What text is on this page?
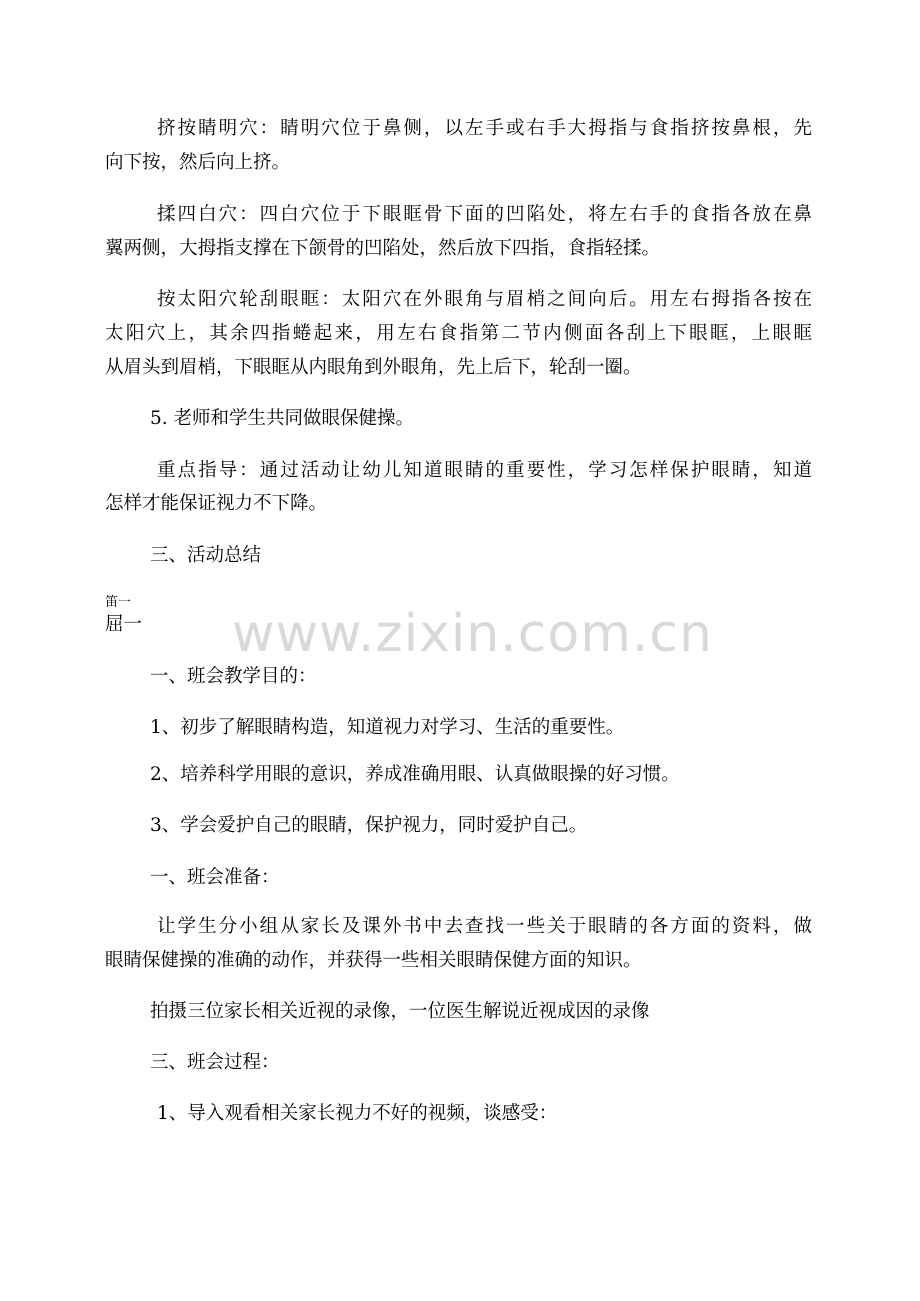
www.zixin.com.cn
挤按睛明穴：睛明穴位于鼻侧，以左手或右手大拇指与食指挤按鼻根，先
向下按，然后向上挤。
揉四白穴：四白穴位于下眼眶骨下面的凹陷处，将左右手的食指各放在鼻
翼两侧，大拇指支撑在下颌骨的凹陷处，然后放下四指，食指轻揉。
按太阳穴轮刮眼眶：太阳穴在外眼角与眉梢之间向后。用左右拇指各按在
太阳穴上，其余四指蜷起来，用左右食指第二节内侧面各刮上下眼眶，上眼眶
从眉头到眉梢，下眼眶从内眼角到外眼角，先上后下，轮刮一圈。
5. 老师和学生共同做眼保健操。
重点指导：通过活动让幼儿知道眼睛的重要性，学习怎样保护眼睛，知道
怎样才能保证视力不下降。
三、活动总结
笛一
屈一
一、班会教学目的：
1、初步了解眼睛构造，知道视力对学习、生活的重要性。
2、培养科学用眼的意识，养成准确用眼、认真做眼操的好习惯。
3、学会爱护自己的眼睛，保护视力，同时爱护自己。
一、班会准备：
让学生分小组从家长及课外书中去查找一些关于眼睛的各方面的资料，做
眼睛保健操的准确的动作，并获得一些相关眼睛保健方面的知识。
拍摄三位家长相关近视的录像，一位医生解说近视成因的录像
三、班会过程：
1、导入观看相关家长视力不好的视频，谈感受：
